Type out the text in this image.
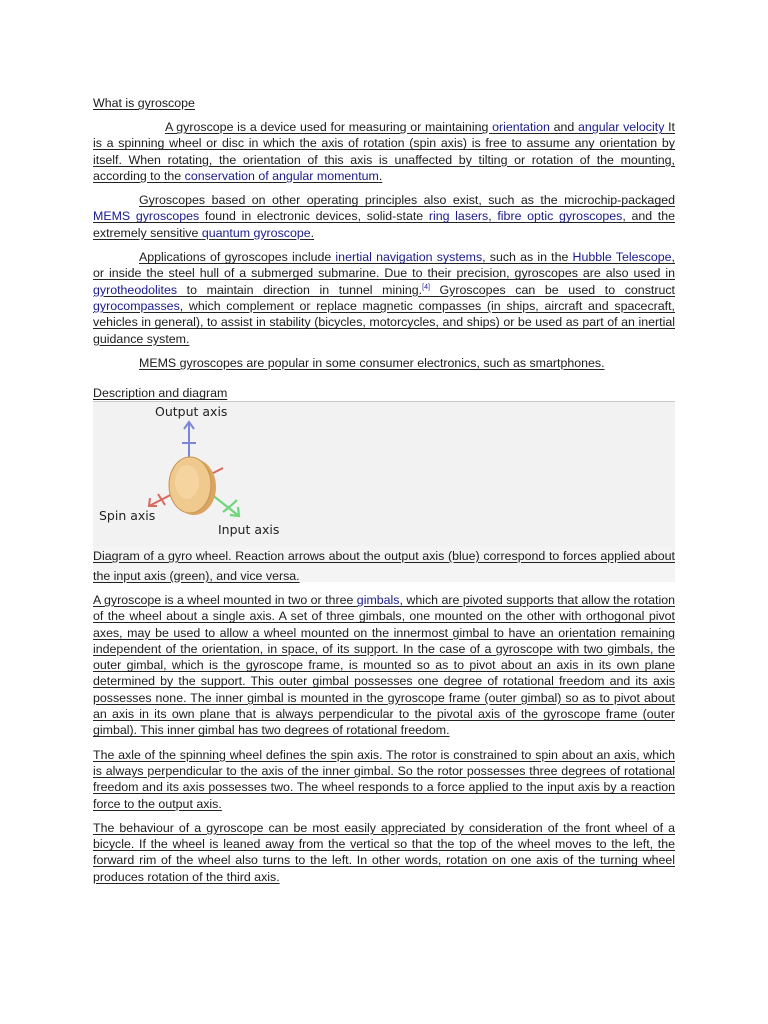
What is gyroscope

A gyroscope is a device used for measuring or maintaining orientation and angular velocity It is a spinning wheel or disc in which the axis of rotation (spin axis) is free to assume any orientation by itself. When rotating, the orientation of this axis is unaffected by tilting or rotation of the mounting, according to the conservation of angular momentum.

Gyroscopes based on other operating principles also exist, such as the microchip-packaged MEMS gyroscopes found in electronic devices, solid-state ring lasers, fibre optic gyroscopes, and the extremely sensitive quantum gyroscope.

Applications of gyroscopes include inertial navigation systems, such as in the Hubble Telescope, or inside the steel hull of a submerged submarine. Due to their precision, gyroscopes are also used in gyrotheodolites to maintain direction in tunnel mining.[4] Gyroscopes can be used to construct gyrocompasses, which complement or replace magnetic compasses (in ships, aircraft and spacecraft, vehicles in general), to assist in stability (bicycles, motorcycles, and ships) or be used as part of an inertial guidance system.

MEMS gyroscopes are popular in some consumer electronics, such as smartphones.

Description and diagram

Output axis
Spin axis
Input axis

Diagram of a gyro wheel. Reaction arrows about the output axis (blue) correspond to forces applied about the input axis (green), and vice versa.

A gyroscope is a wheel mounted in two or three gimbals, which are pivoted supports that allow the rotation of the wheel about a single axis. A set of three gimbals, one mounted on the other with orthogonal pivot axes, may be used to allow a wheel mounted on the innermost gimbal to have an orientation remaining independent of the orientation, in space, of its support. In the case of a gyroscope with two gimbals, the outer gimbal, which is the gyroscope frame, is mounted so as to pivot about an axis in its own plane determined by the support. This outer gimbal possesses one degree of rotational freedom and its axis possesses none. The inner gimbal is mounted in the gyroscope frame (outer gimbal) so as to pivot about an axis in its own plane that is always perpendicular to the pivotal axis of the gyroscope frame (outer gimbal). This inner gimbal has two degrees of rotational freedom.

The axle of the spinning wheel defines the spin axis. The rotor is constrained to spin about an axis, which is always perpendicular to the axis of the inner gimbal. So the rotor possesses three degrees of rotational freedom and its axis possesses two. The wheel responds to a force applied to the input axis by a reaction force to the output axis.

The behaviour of a gyroscope can be most easily appreciated by consideration of the front wheel of a bicycle. If the wheel is leaned away from the vertical so that the top of the wheel moves to the left, the forward rim of the wheel also turns to the left. In other words, rotation on one axis of the turning wheel produces rotation of the third axis.
